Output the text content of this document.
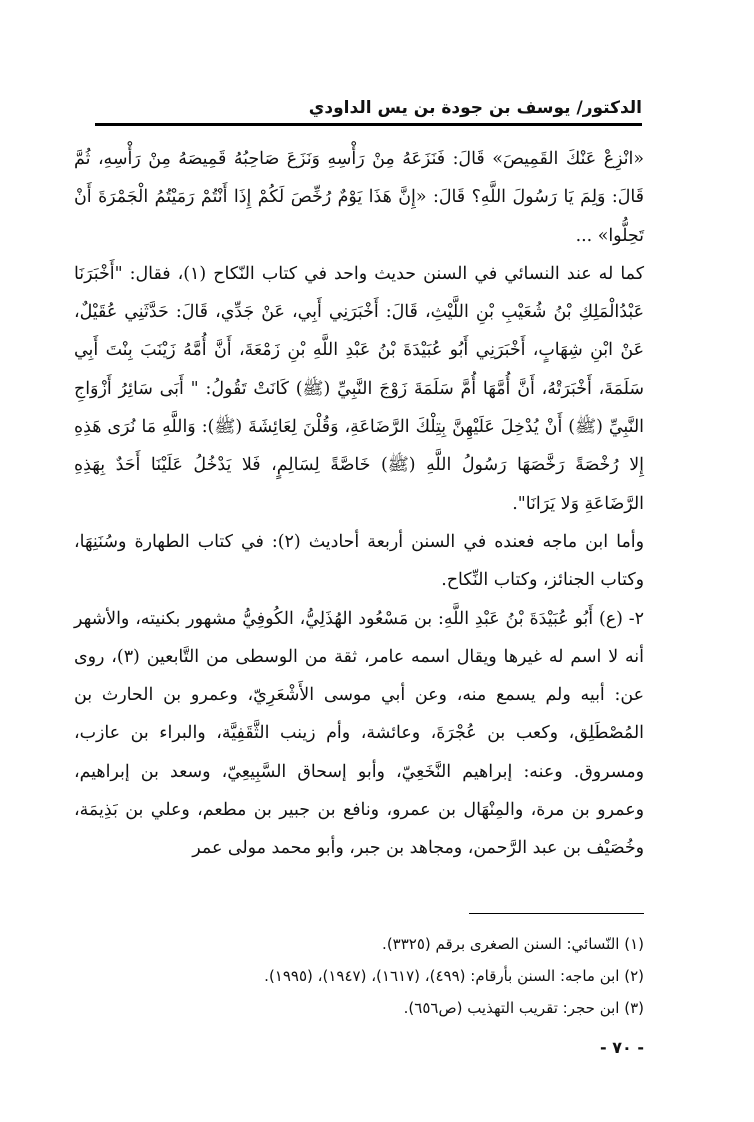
الدكتور/ يوسف بن جودة بن يس الداودي

«انْزِعْ عَنْكَ القَمِيصَ» قَالَ: فَنَزَعَهُ مِنْ رَأْسِهِ وَنَزَعَ صَاحِبُهُ قَمِيصَهُ مِنْ رَأْسِهِ، ثُمَّ قَالَ: وَلِمَ يَا رَسُولَ اللَّهِ؟ قَالَ: «إِنَّ هَذَا يَوْمٌ رُخِّصَ لَكُمْ إِذَا أَنْتُمْ رَمَيْتُمُ الْجَمْرَةَ أَنْ تَحِلُّوا» ...

كما له عند النسائي في السنن حديث واحد في كتاب النّكاح (١)، فقال: "أَخْبَرَنَا عَبْدُالْمَلِكِ بْنُ شُعَيْبِ بْنِ اللَّيْثِ، قَالَ: أَخْبَرَنِي أَبِي، عَنْ جَدِّي، قَالَ: حَدَّثَنِي عُقَيْلٌ، عَنْ ابْنِ شِهَابٍ، أَخْبَرَنِي أَبُو عُبَيْدَةَ بْنُ عَبْدِ اللَّهِ بْنِ زَمْعَةَ، أَنَّ أُمَّهُ زَيْنَبَ بِنْتَ أَبِي سَلَمَةَ، أَخْبَرَتْهُ، أَنَّ أُمَّهَا أُمَّ سَلَمَةَ زَوْجَ النَّبِيِّ (ﷺ) كَانَتْ تَقُولُ: " أَبَى سَائِرُ أَزْوَاجِ النَّبِيِّ (ﷺ) أَنْ يُدْخِلَ عَلَيْهِنَّ بِتِلْكَ الرَّضَاعَةِ، وَقُلْنَ لِعَائِشَةَ (ﷺ): وَاللَّهِ مَا نُرَى هَذِهِ إِلا رُخْصَةً رَخَّصَهَا رَسُولُ اللَّهِ (ﷺ) خَاصَّةً لِسَالِمٍ، فَلا يَدْخُلُ عَلَيْنَا أَحَدٌ بِهَذِهِ الرَّضَاعَةِ وَلا يَرَانَا".

وأما ابن ماجه فعنده في السنن أربعة أحاديث (٢): في كتاب الطهارة وسُنَنِهَا، وكتاب الجنائز، وكتاب النِّكاح.

٢- (ع) أَبُو عُبَيْدَةَ بْنُ عَبْدِ اللَّهِ: بن مَسْعُود الهُذَلِيُّ، الكُوفِيُّ مشهور بكنيته، والأشهر أنه لا اسم له غيرها ويقال اسمه عامر، ثقة من الوسطى من التَّابعين (٣)، روى عن: أبيه ولم يسمع منه، وعن أبي موسى الأَشْعَرِيّ، وعمرو بن الحارث بن المُصْطَلِق، وكعب بن عُجْرَةَ، وعائشة، وأم زينب الثَّقَفِيَّة، والبراء بن عازب، ومسروق. وعنه: إبراهيم النَّخَعِيّ، وأبو إسحاق السَّبِيعِيّ، وسعد بن إبراهيم، وعمرو بن مرة، والمِنْهَال بن عمرو، ونافع بن جبير بن مطعم، وعلي بن بَذِيمَة، وخُصَيْف بن عبد الرَّحمن، ومجاهد بن جبر، وأبو محمد مولى عمر

(١) النّسائي: السنن الصغرى برقم (٣٣٢٥).

(٢) ابن ماجه: السنن بأرقام: (٤٩٩)، (١٦١٧)، (١٩٤٧)، (١٩٩٥).

(٣) ابن حجر: تقريب التهذيب (ص٦٥٦).

- ٧٠ -
